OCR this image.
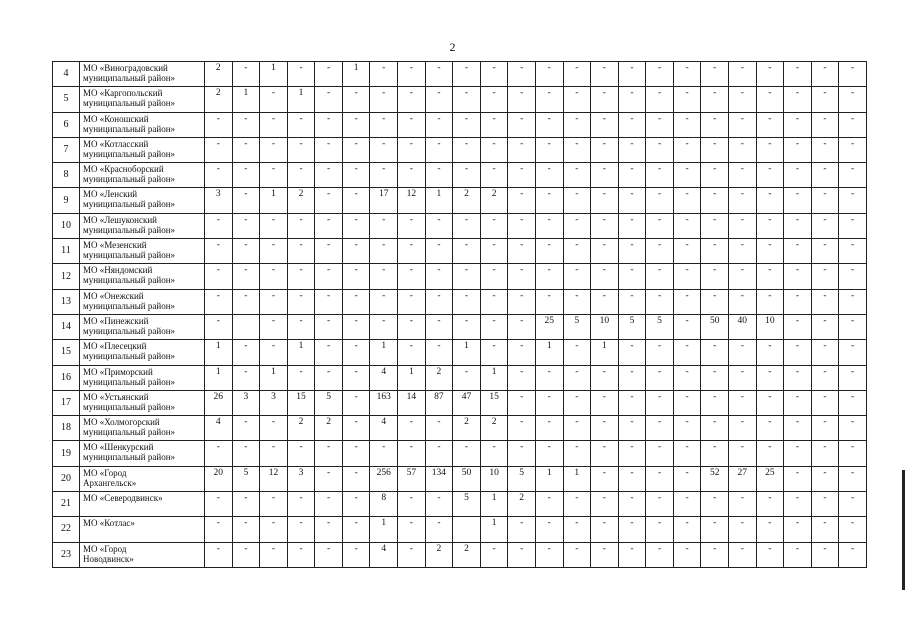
2
4	МО «Виноградовский
муниципальный район»	2	-	1	-	-	1	-	-	-	-	-	-	-	-	-	-	-	-	-	-	-	-	-	-
5	МО «Каргопольский
муниципальный район»	2	1	-	1	-	-	-	-	-	-	-	-	-	-	-	-	-	-	-	-	-	-	-	-
6	МО «Коношский
муниципальный район»	-	-	-	-	-	-	-	-	-	-	-	-	-	-	-	-	-	-	-	-	-	-	-	-
7	МО «Котласский
муниципальный район»	-	-	-	-	-	-	-	-	-	-	-	-	-	-	-	-	-	-	-	-	-	-	-	-
8	МО «Красноборский
муниципальный район»	-	-	-	-	-	-	-	-	-	-	-	-	-	-	-	-	-	-	-	-	-	-	-	-
9	МО «Ленский
муниципальный район»	3	-	1	2	-	-	17	12	1	2	2	-	-	-	-	-	-	-	-	-	-	-	-	-
10	МО «Лешуконский
муниципальный район»	-	-	-	-	-	-	-	-	-	-	-	-	-	-	-	-	-	-	-	-	-	-	-	-
11	МО «Мезенский
муниципальный район»	-	-	-	-	-	-	-	-	-	-	-	-	-	-	-	-	-	-	-	-	-	-	-	-
12	МО «Няндомский
муниципальный район»	-	-	-	-	-	-	-	-	-	-	-	-	-	-	-	-	-	-	-	-	-	-	-	-
13	МО «Онежский
муниципальный район»	-	-	-	-	-	-	-	-	-	-	-	-	-	-	-	-	-	-	-	-	-	-	-	-
14	МО «Пинежский
муниципальный район»	-		-	-	-	-	-	-	-	-	-	-	25	5	10	5	5	-	50	40	10	-	-	-
15	МО «Плесецкий
муниципальный район»	1	-	-	1	-	-	1	-	-	1	-	-	1	-	1	-	-	-	-	-	-	-	-	-
16	МО «Приморский
муниципальный район»	1	-	1	-	-	-	4	1	2	-	1	-	-	-	-	-	-	-	-	-	-	-	-	-
17	МО «Устьянский
муниципальный район»	26	3	3	15	5	-	163	14	87	47	15	-	-	-	-	-	-	-	-	-	-	-	-	-
18	МО «Холмогорский
муниципальный район»	4	-	-	2	2	-	4	-	-	2	2	-	-	-	-	-	-	-	-	-	-	-	-	-
19	МО «Шенкурский
муниципальный район»	-	-	-	-	-	-	-	-	-	-	-	-	-	-	-	-	-	-	-	-	-	-	-	-
20	МО «Город
Архангельск»	20	5	12	3	-	-	256	57	134	50	10	5	1	1	-	-	-	-	52	27	25	-	-	-
21	МО «Северодвинск»	-	-	-	-	-	-	8	-	-	5	1	2	-	-	-	-	-	-	-	-	-	-	-	-
22	МО «Котлас»	-	-	-	-	-	-	1	-	-		1	-	-	-	-	-	-	-	-	-	-	-	-	-
23	МО «Город
Новодвинск»	-	-	-	-	-	-	4	-	2	2	-	-	-	-	-	-	-	-	-	-	-	-	-	-
